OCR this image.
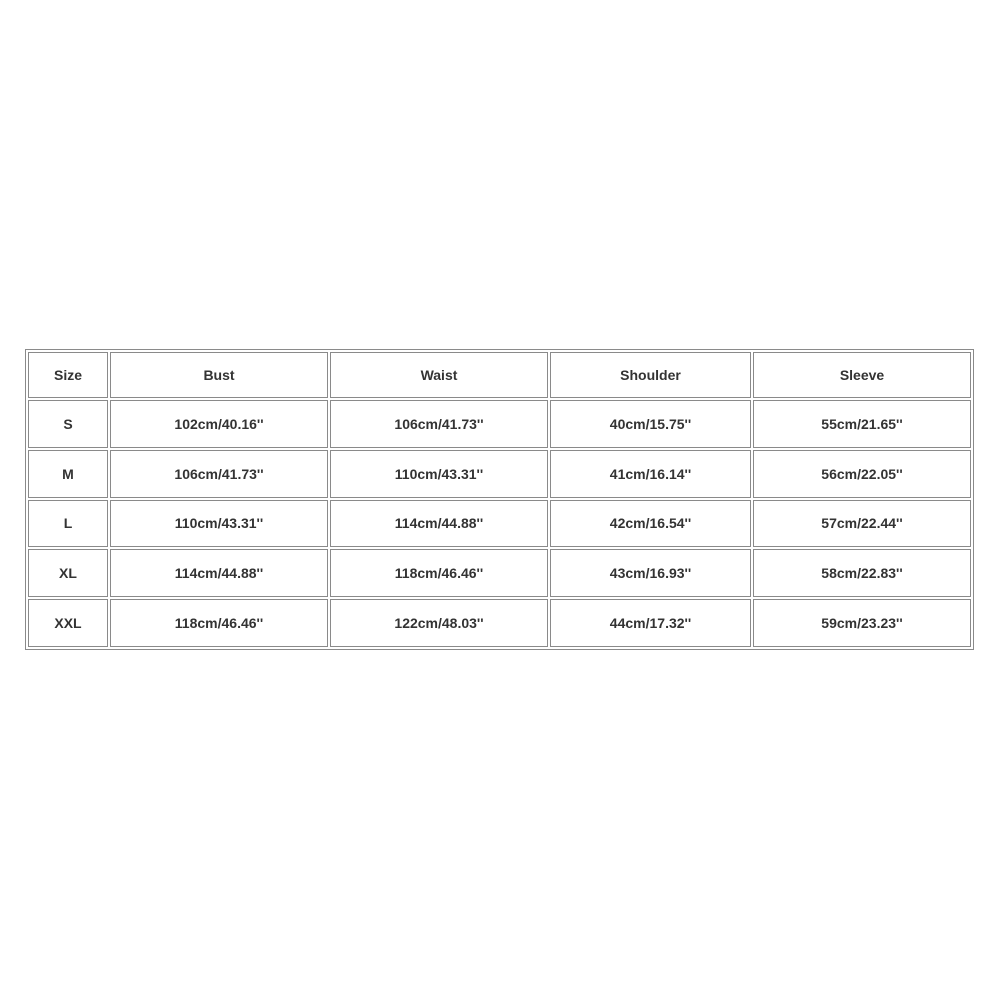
Size	Bust	Waist	Shoulder	Sleeve
S	102cm/40.16''	106cm/41.73''	40cm/15.75''	55cm/21.65''
M	106cm/41.73''	110cm/43.31''	41cm/16.14''	56cm/22.05''
L	110cm/43.31''	114cm/44.88''	42cm/16.54''	57cm/22.44''
XL	114cm/44.88''	118cm/46.46''	43cm/16.93''	58cm/22.83''
XXL	118cm/46.46''	122cm/48.03''	44cm/17.32''	59cm/23.23''
